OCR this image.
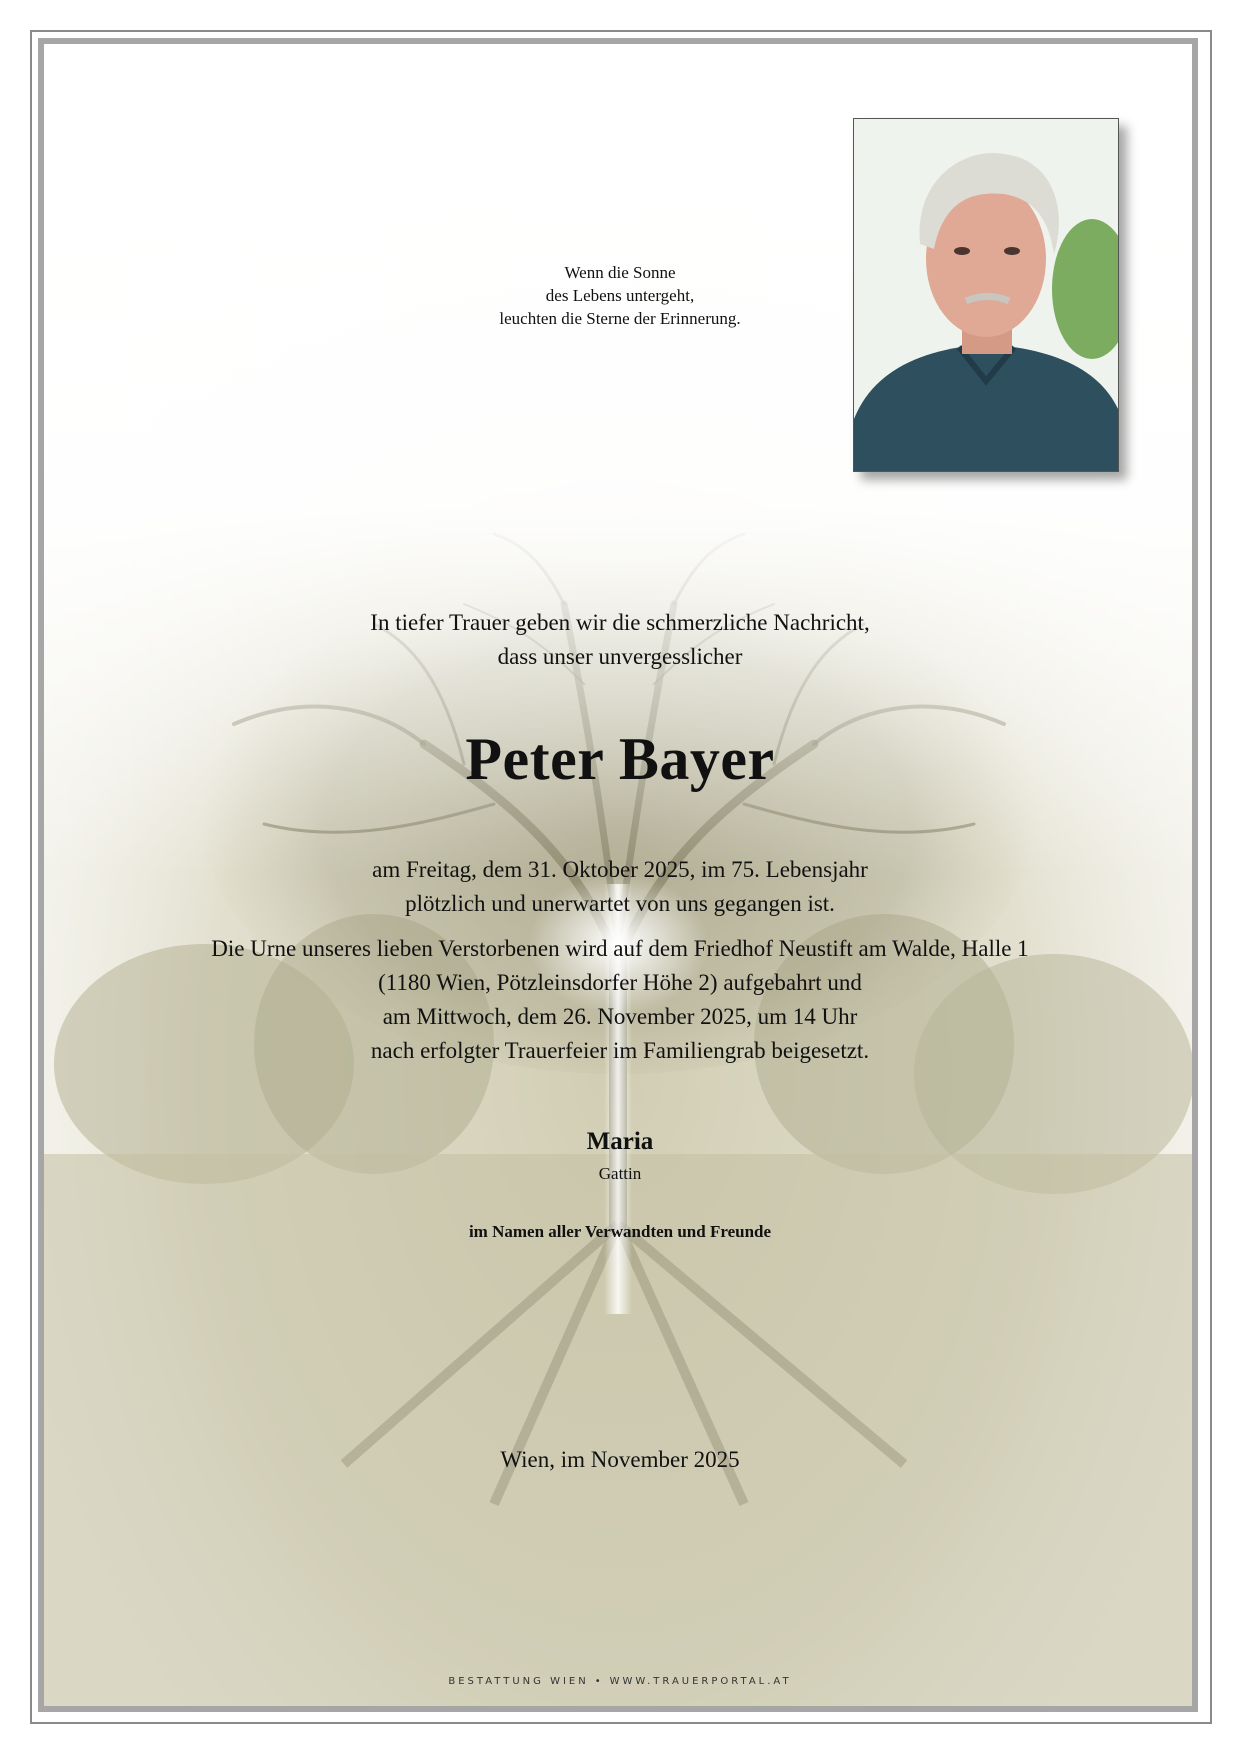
Wenn die Sonne
des Lebens untergeht,
leuchten die Sterne der Erinnerung.
In tiefer Trauer geben wir die schmerzliche Nachricht,
dass unser unvergesslicher
Peter Bayer
am Freitag, dem 31. Oktober 2025, im 75. Lebensjahr
plötzlich und unerwartet von uns gegangen ist.
Die Urne unseres lieben Verstorbenen wird auf dem Friedhof Neustift am Walde, Halle 1
(1180 Wien, Pötzleinsdorfer Höhe 2) aufgebahrt und
am Mittwoch, dem 26. November 2025, um 14 Uhr
nach erfolgter Trauerfeier im Familiengrab beigesetzt.
Maria
Gattin
im Namen aller Verwandten und Freunde
Wien, im November 2025
BESTATTUNG WIEN • WWW.TRAUERPORTAL.AT
